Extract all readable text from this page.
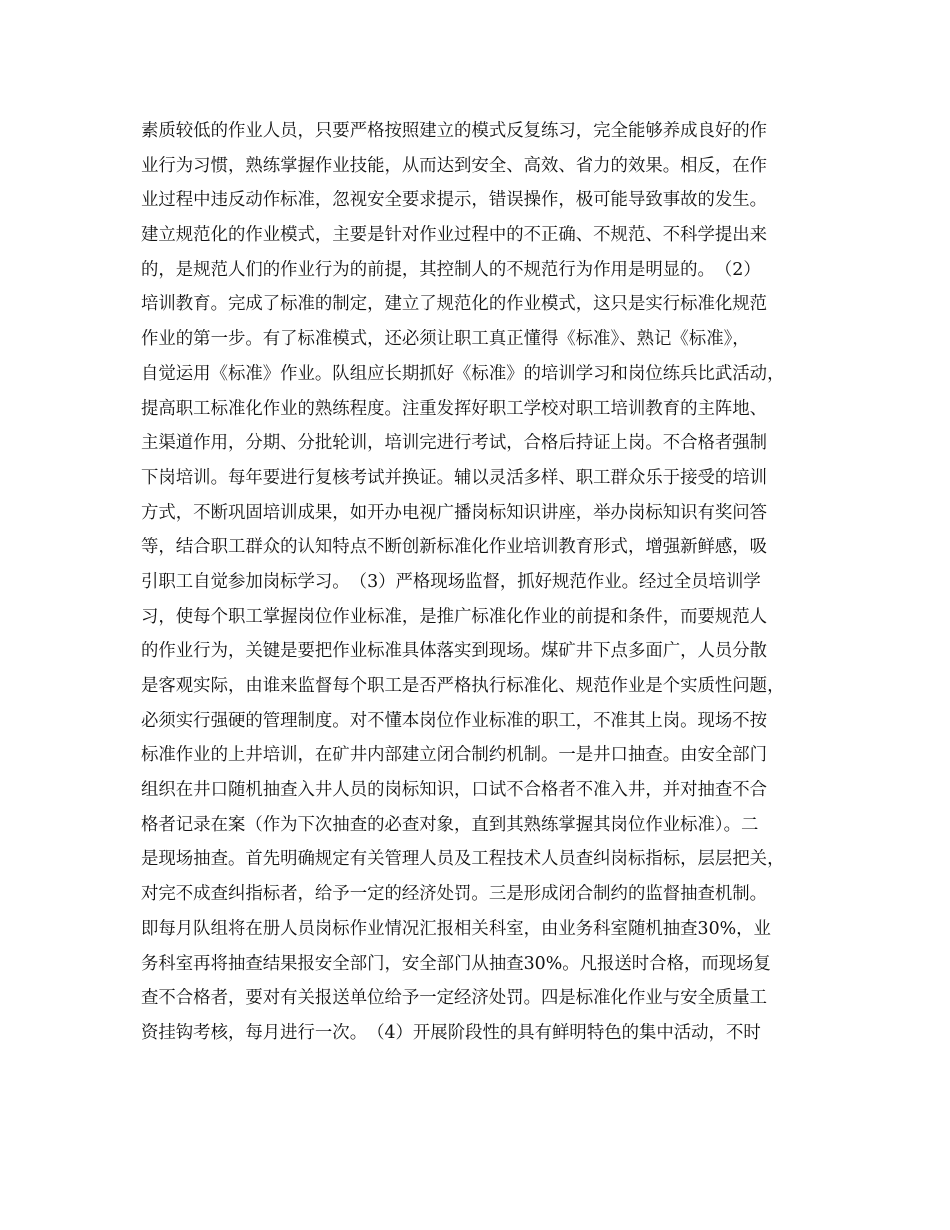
素质较低的作业人员，只要严格按照建立的模式反复练习，完全能够养成良好的作
业行为习惯，熟练掌握作业技能，从而达到安全、高效、省力的效果。相反，在作
业过程中违反动作标准，忽视安全要求提示，错误操作，极可能导致事故的发生。
建立规范化的作业模式，主要是针对作业过程中的不正确、不规范、不科学提出来
的，是规范人们的作业行为的前提，其控制人的不规范行为作用是明显的。　（2）
培训教育。完成了标准的制定，建立了规范化的作业模式，这只是实行标准化规范
作业的第一步。有了标准模式，还必须让职工真正懂得《标准》、熟记《标准》，
自觉运用《标准》作业。队组应长期抓好《标准》的培训学习和岗位练兵比武活动，
提高职工标准化作业的熟练程度。注重发挥好职工学校对职工培训教育的主阵地、
主渠道作用，分期、分批轮训，培训完进行考试，合格后持证上岗。不合格者强制
下岗培训。每年要进行复核考试并换证。辅以灵活多样、职工群众乐于接受的培训
方式，不断巩固培训成果，如开办电视广播岗标知识讲座，举办岗标知识有奖问答
等，结合职工群众的认知特点不断创新标准化作业培训教育形式，增强新鲜感，吸
引职工自觉参加岗标学习。　（3）严格现场监督，抓好规范作业。经过全员培训学
习，使每个职工掌握岗位作业标准，是推广标准化作业的前提和条件，而要规范人
的作业行为，关键是要把作业标准具体落实到现场。煤矿井下点多面广，人员分散
是客观实际，由谁来监督每个职工是否严格执行标准化、规范作业是个实质性问题，
必须实行强硬的管理制度。对不懂本岗位作业标准的职工，不准其上岗。现场不按
标准作业的上井培训，在矿井内部建立闭合制约机制。一是井口抽查。由安全部门
组织在井口随机抽查入井人员的岗标知识，口试不合格者不准入井，并对抽查不合
格者记录在案（作为下次抽查的必查对象，直到其熟练掌握其岗位作业标准）。二
是现场抽查。首先明确规定有关管理人员及工程技术人员查纠岗标指标，层层把关，
对完不成查纠指标者，给予一定的经济处罚。三是形成闭合制约的监督抽查机制。
即每月队组将在册人员岗标作业情况汇报相关科室，由业务科室随机抽查30%，业
务科室再将抽查结果报安全部门，安全部门从抽查30%。凡报送时合格，而现场复
查不合格者，要对有关报送单位给予一定经济处罚。四是标准化作业与安全质量工
资挂钩考核，每月进行一次。　（4）开展阶段性的具有鲜明特色的集中活动，不时
